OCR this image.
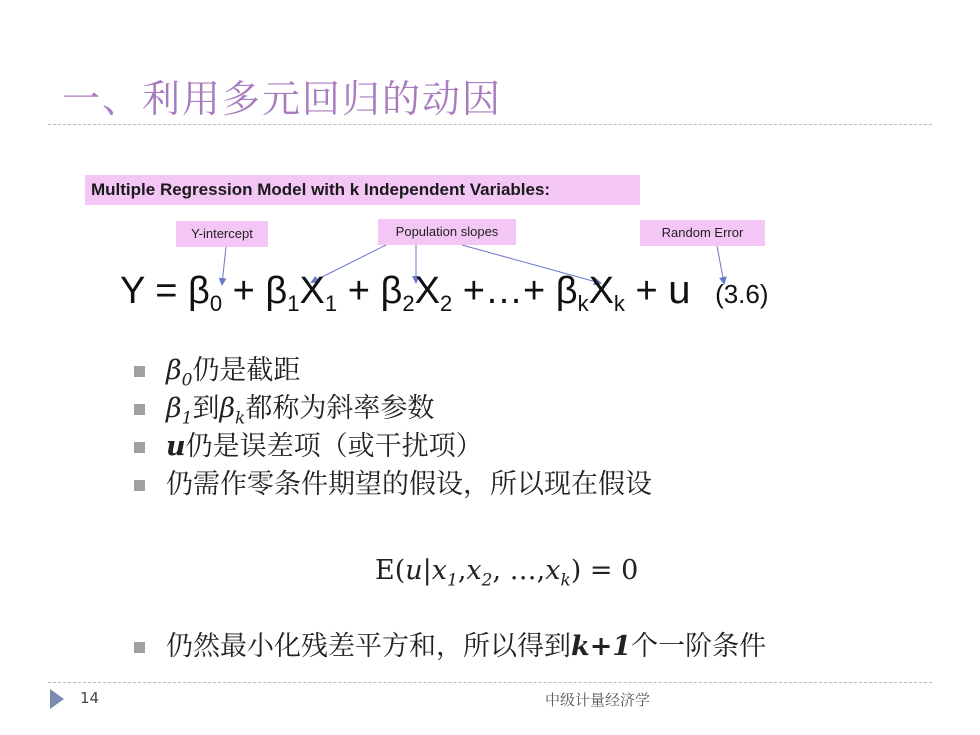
一、利用多元回归的动因
Multiple Regression Model with k Independent Variables:
Y-intercept	Population slopes	Random Error
$Y = \beta_0 + \beta_1X_1 + \beta_2X_2$ +…+ $\beta_kX_k + u$ (3.6)
$\beta_0$仍是截距
$\beta_1$到$\beta_k$都称为斜率参数
u仍是误差项（或干扰项）
仍需作零条件期望的假设，所以现在假设
$E(u|x_1,x_2$, $\dots,x_k) = 0$
仍然最小化残差平方和，所以得到k+1个一阶条件
14	中级计量经济学
